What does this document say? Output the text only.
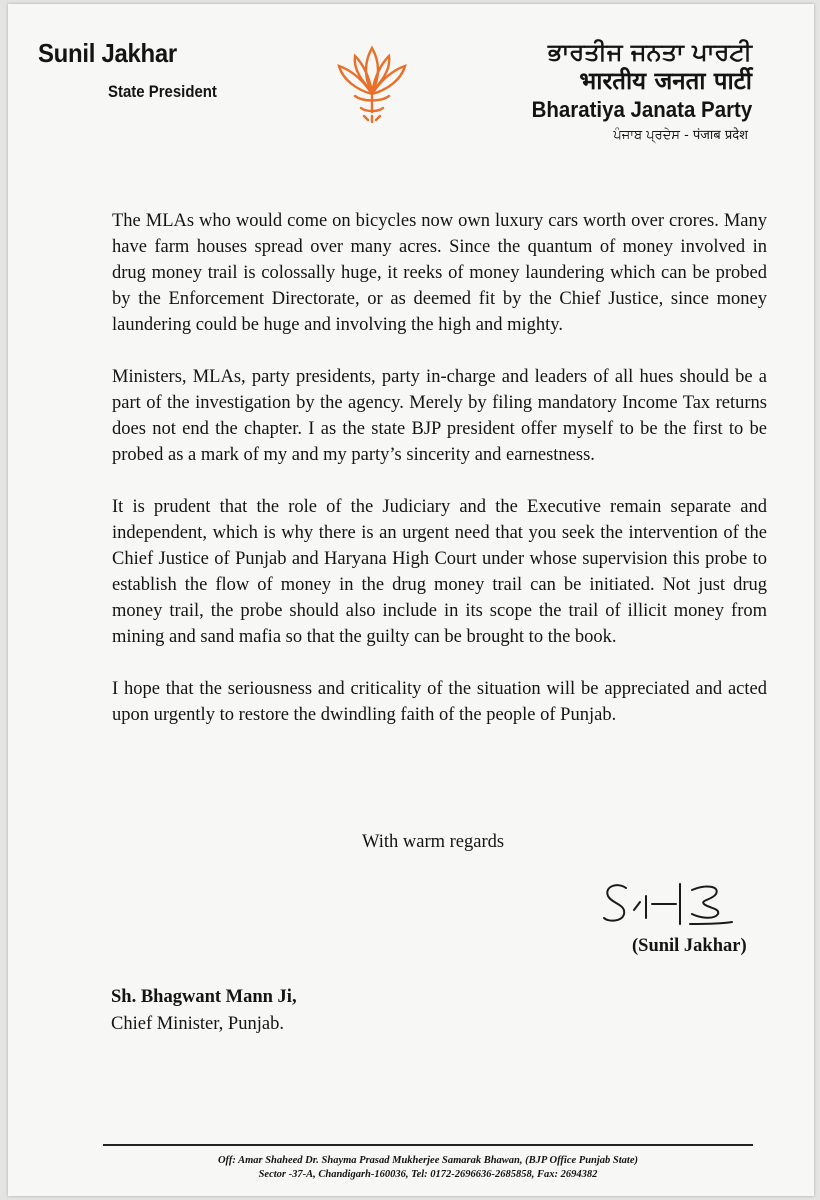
Sunil Jakhar
State President
ਭਾਰਤੀਜ ਜਨਤਾ ਪਾਰਟੀ
भारतीय जनता पार्टी
Bharatiya Janata Party
ਪੰਜਾਬ ਪ੍ਰਦੇਸ - पंजाब प्रदेश

The MLAs who would come on bicycles now own luxury cars worth over crores. Many have farm houses spread over many acres. Since the quantum of money involved in drug money trail is colossally huge, it reeks of money laundering which can be probed by the Enforcement Directorate, or as deemed fit by the Chief Justice, since money laundering could be huge and involving the high and mighty.

Ministers, MLAs, party presidents, party in-charge and leaders of all hues should be a part of the investigation by the agency. Merely by filing mandatory Income Tax returns does not end the chapter. I as the state BJP president offer myself to be the first to be probed as a mark of my and my party’s sincerity and earnestness.

It is prudent that the role of the Judiciary and the Executive remain separate and independent, which is why there is an urgent need that you seek the intervention of the Chief Justice of Punjab and Haryana High Court under whose supervision this probe to establish the flow of money in the drug money trail can be initiated. Not just drug money trail, the probe should also include in its scope the trail of illicit money from mining and sand mafia so that the guilty can be brought to the book.

I hope that the seriousness and criticality of the situation will be appreciated and acted upon urgently to restore the dwindling faith of the people of Punjab.

With warm regards
(Sunil Jakhar)
Sh. Bhagwant Mann Ji,
Chief Minister, Punjab.
Off: Amar Shaheed Dr. Shayma Prasad Mukherjee Samarak Bhawan, (BJP Office Punjab State)
Sector -37-A, Chandigarh-160036, Tel: 0172-2696636-2685858, Fax: 2694382
